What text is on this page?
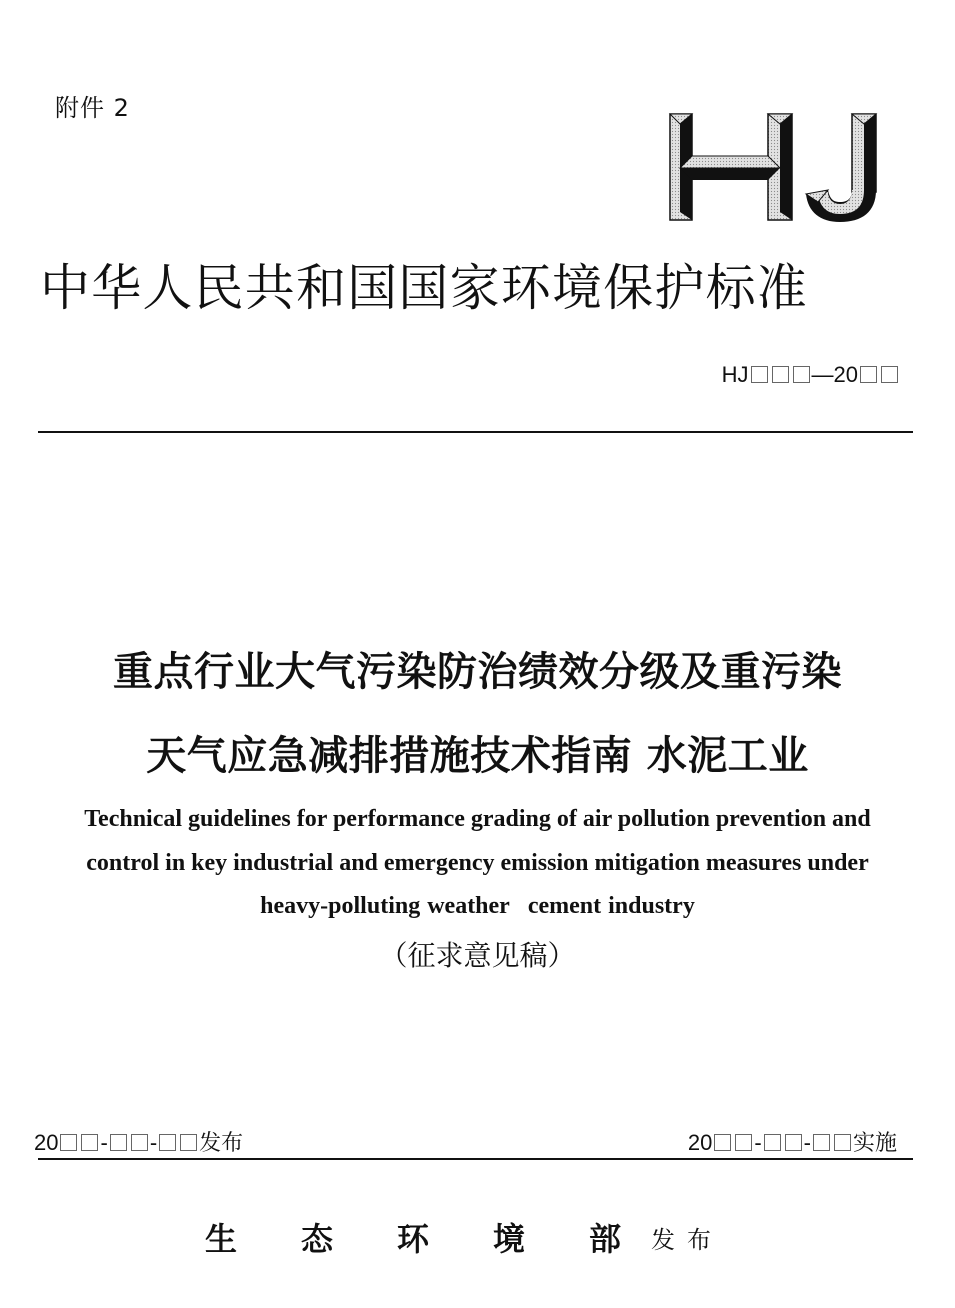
附件 2
中华人民共和国国家环境保护标准
HJ	—20
重点行业大气污染防治绩效分级及重污染
天气应急减排措施技术指南 水泥工业
Technical guidelines for performance grading of air pollution prevention and
control in key industrial and emergency emission mitigation measures under
heavy-polluting weather cement industry
（征求意见稿）
20 - - 发布	20 - - 实施
生 态 环 境 部 发布
